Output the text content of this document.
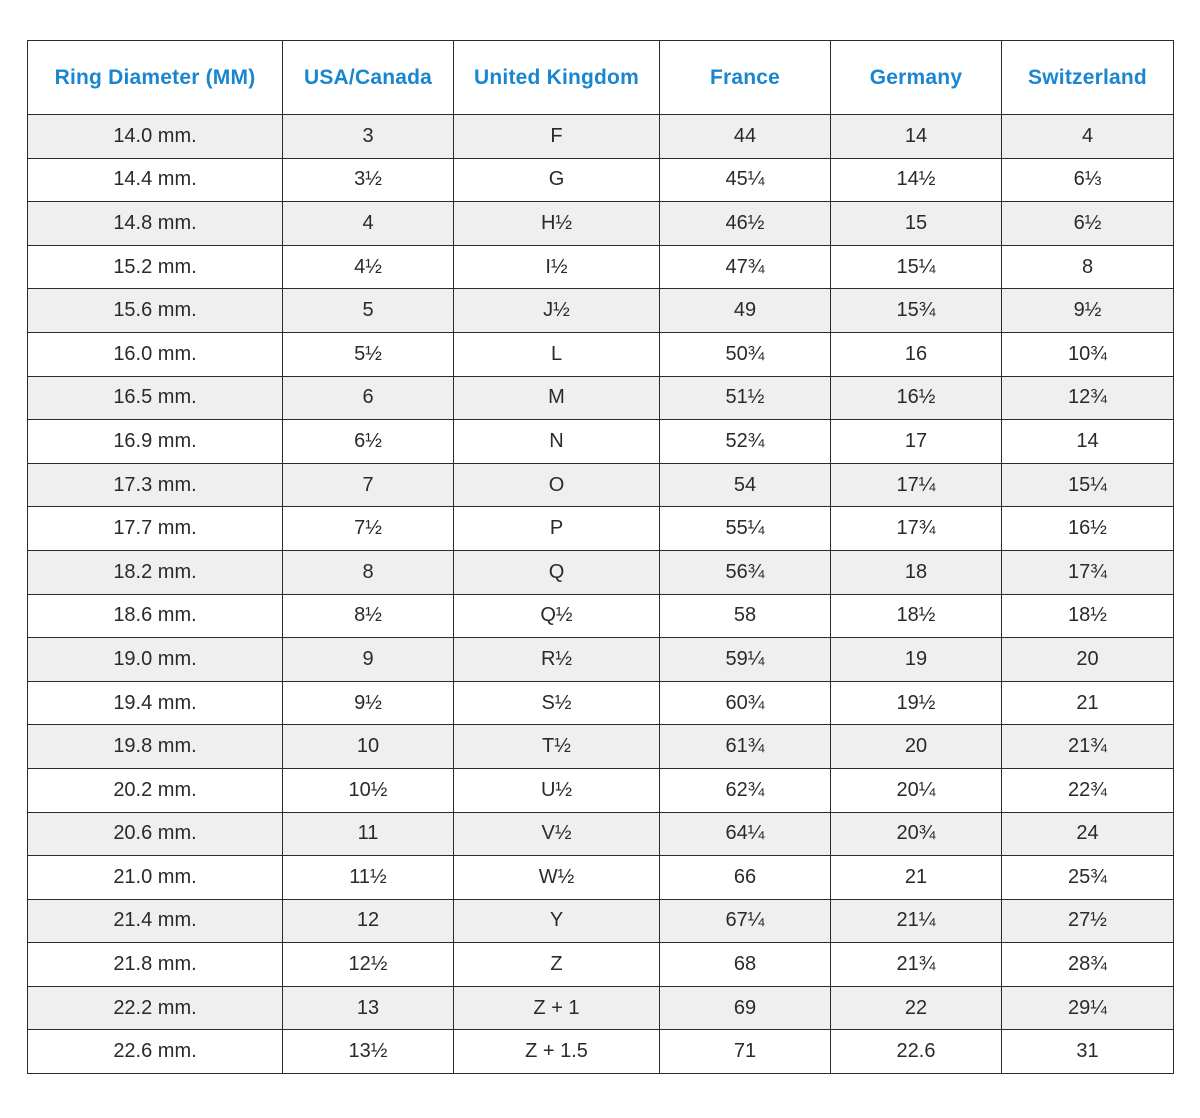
Ring Diameter (MM)	USA/Canada	United Kingdom	France	Germany	Switzerland
14.0 mm.	3	F	44	14	4
14.4 mm.	3½	G	45¼	14½	6⅓
14.8 mm.	4	H½	46½	15	6½
15.2 mm.	4½	I½	47¾	15¼	8
15.6 mm.	5	J½	49	15¾	9½
16.0 mm.	5½	L	50¾	16	10¾
16.5 mm.	6	M	51½	16½	12¾
16.9 mm.	6½	N	52¾	17	14
17.3 mm.	7	O	54	17¼	15¼
17.7 mm.	7½	P	55¼	17¾	16½
18.2 mm.	8	Q	56¾	18	17¾
18.6 mm.	8½	Q½	58	18½	18½
19.0 mm.	9	R½	59¼	19	20
19.4 mm.	9½	S½	60¾	19½	21
19.8 mm.	10	T½	61¾	20	21¾
20.2 mm.	10½	U½	62¾	20¼	22¾
20.6 mm.	11	V½	64¼	20¾	24
21.0 mm.	11½	W½	66	21	25¾
21.4 mm.	12	Y	67¼	21¼	27½
21.8 mm.	12½	Z	68	21¾	28¾
22.2 mm.	13	Z + 1	69	22	29¼
22.6 mm.	13½	Z + 1.5	71	22.6	31
